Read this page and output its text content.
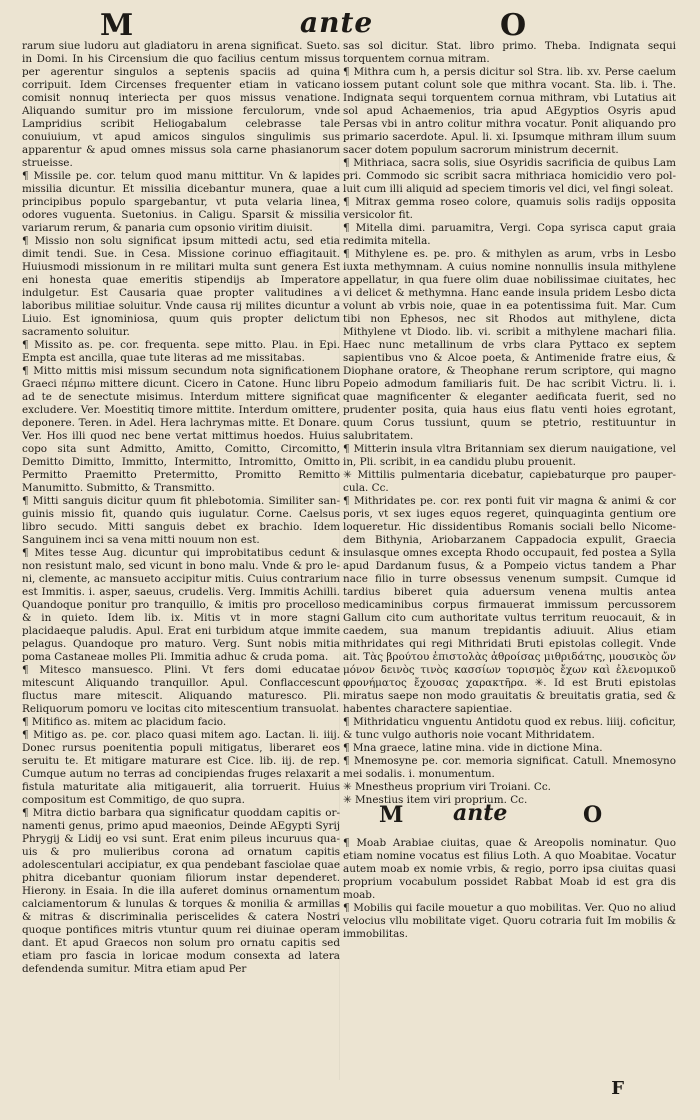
M	ante	O

rarum siue ludoru aut gladiatoru in arena significat. Sueto. in Domi. In his Circensium die quo facilius centum missus per agerentur singulos a septenis spaciis ad quina corripuit. Idem Circenses frequenter etiam in vaticano comisit nonnuq interiecta per quos missus venatione. Aliquando sumitur pro im missione ferculorum, vnde Lampridius scribit Heliogabalum celebrasse tale conuiuium, vt apud amicos singulos singulimis sus apparentur & apud omnes missus sola carne phasianorum strueisse.

¶ Missile pe. cor. telum quod manu mittitur. Vn & lapides missilia dicuntur. Et missilia dicebantur munera, quae a principibus populo spargebantur, vt puta velaria linea, odores vuguenta. Suetonius. in Caligu. Sparsit & missilia variarum rerum, & panaria cum opsonio viritim diuisit.

¶ Missio non solu significat ipsum mittedi actu, sed etia dimit tendi. Sue. in Cesa. Missione corinuo effiagitauit. Huiusmodi missionum in re militari multa sunt genera Est eni honesta quae emeritis stipendijs ab Imperatore indulgetur. Est Causaria quae propter valitudines a laboribus militiae soluitur. Vnde causa rij milites dicuntur a Liuio. Est ignominiosa, quum quis propter delictum sacramento soluitur.

¶ Missito as. pe. cor. frequenta. sepe mitto. Plau. in Epi. Empta est ancilla, quae tute literas ad me missitabas.

¶ Mitto mittis misi missum secundum nota significationem Graeci πέμπω mittere dicunt. Cicero in Catone. Hunc libru ad te de senectute misimus. Interdum mittere significat excludere. Ver. Moestitiq timore mittite. Interdum omittere, deponere. Teren. in Adel. Hera lachrymas mitte. Et Donare. Ver. Hos illi quod nec bene vertat mittimus hoedos. Huius copo sita sunt Admitto, Amitto, Comitto, Circomitto, Demitto Dimitto, Immitto, Intermitto, Intromitto, Omitto Permitto Praemitto Pretermitto, Promitto Remitto Manumitto. Submitto, & Transmitto.

¶ Mitti sanguis dicitur quum fit phlebotomia. Similiter sanguinis missio fit, quando quis iugulatur. Corne. Caelsus libro secudo. Mitti sanguis debet ex brachio. Idem Sanguinem inci sa vena mitti nouum non est.

¶ Mites tesse Aug. dicuntur qui improbitatibus cedunt & non resistunt malo, sed vicunt in bono malu. Vnde & pro leni, clemente, ac mansueto accipitur mitis. Cuius contrarium est Immitis. i. asper, saeuus, crudelis. Verg. Immitis Achilli. Quandoque ponitur pro tranquillo, & imitis pro procelloso & in quieto. Idem lib. ix. Mitis vt in more stagni placidaeque paludis. Apul. Erat eni turbidum atque immite pelagus. Quandoque pro maturo. Verg. Sunt nobis mitia poma Castaneae molles Pli. Immitia adhuc & cruda poma.

¶ Mitesco mansuesco. Plini. Vt fers domi educatae mitescunt Aliquando tranquillor. Apul. Conflaccescunt fluctus mare mitescit. Aliquando maturesco. Pli. Reliquorum pomoru ve locitas cito mitescentium transuolat.

¶ Mitifico as. mitem ac placidum facio.

¶ Mitigo as. pe. cor. placo quasi mitem ago. Lactan. li. iiij. Donec rursus poenitentia populi mitigatus, liberaret eos seruitu te. Et mitigare maturare est Cice. lib. iij. de rep. Cumque autum no terras ad concipiendas fruges relaxarit a fistula maturitate alia mitigauerit, alia torruerit. Huius compositum est Commitigo, de quo supra.

¶ Mitra dictio barbara qua significatur quoddam capitis ornamenti genus, primo apud maeonios, Deinde AEgypti Syrij Phrygij & Lidij eo vsi sunt. Erat enim pileus incuruus quauis & pro mulieribus corona ad ornatum capitis adolescentulari accipiatur, ex qua pendebant fasciolae quae phitra dicebantur quoniam filiorum instar dependeret. Hierony. in Esaia. In die illa auferet dominus ornamentum calciamentorum & lunulas & torques & monilia & armillas & mitras & discriminalia periscelides & catera Nostri quoque pontifices mitris vtuntur quum rei diuinae operam dant. Et apud Graecos non solum pro ornatu capitis sed etiam pro fascia in loricae modum consexta ad latera defendenda sumitur. Mitra etiam apud Per

sas sol dicitur. Stat. libro primo. Theba. Indignata sequi torquentem cornua mitram.

¶ Mithra cum h, a persis dicitur sol Stra. lib. xv. Perse caelum iossem putant colunt sole que mithra vocant. Sta. lib. i. The. Indignata sequi torquentem cornua mithram, vbi Lutatius ait sol apud Achaemenios, tria apud AEgyptios Osyris apud Persas vbi in antro colitur mithra vocatur. Ponit aliquando pro primario sacerdote. Apul. li. xi. Ipsumque mithram illum suum sacer dotem populum sacrorum ministrum decernit.

¶ Mithriaca, sacra solis, siue Osyridis sacrificia de quibus Lam pri. Commodo sic scribit sacra mithriaca homicidio vero polluit cum illi aliquid ad speciem timoris vel dici, vel fingi soleat.

¶ Mitrax gemma roseo colore, quamuis solis radijs opposita versicolor fit.

¶ Mitella dimi. paruamitra, Vergi. Copa syrisca caput graia redimita mitella.

¶ Mithylene es. pe. pro. & mithylen as arum, vrbs in Lesbo iuxta methymnam. A cuius nomine nonnullis insula mithylene appellatur, in qua fuere olim duae nobilissimae ciuitates, hec vi delicet & methymna. Hanc eande insula pridem Lesbo dicta volunt ab vrbis noie, quae in ea potentissima fuit. Mar. Cum tibi non Ephesos, nec sit Rhodos aut mithylene, dicta Mithylene vt Diodo. lib. vi. scribit a mithylene machari filia. Haec nunc metallinum de vrbs clara Pyttaco ex septem sapientibus vno & Alcoe poeta, & Antimenide fratre eius, & Diophane oratore, & Theophane rerum scriptore, qui magno Popeio admodum familiaris fuit. De hac scribit Victru. li. i. quae magnificenter & eleganter aedificata fuerit, sed no prudenter posita, quia haus eius flatu venti hoies egrotant, quum Corus tussiunt, quum se ptetrio, restituuntur in salubritatem.

¶ Mitterin insula vltra Britanniam sex dierum nauigatione, vel in, Pli. scribit, in ea candidu plubu prouenit.

✳ Mittilis pulmentaria dicebatur, capiebaturque pro paupercula. Cc.

¶ Mithridates pe. cor. rex ponti fuit vir magna & animi & cor poris, vt sex iuges equos regeret, quinquaginta gentium ore loqueretur. Hic dissidentibus Romanis sociali bello Nicomedem Bithynia, Ariobarzanem Cappadocia expulit, Graecia insulasque omnes excepta Rhodo occupauit, fed postea a Sylla apud Dardanum fusus, & a Pompeio victus tandem a Phar nace filio in turre obsessus venenum sumpsit. Cumque id tardius biberet quia aduersum venena multis antea medicaminibus corpus firmauerat immissum percussorem Gallum cito cum authoritate vultus territum reuocauit, & in caedem, sua manum trepidantis adiuuit. Alius etiam mithridates qui regi Mithridati Bruti epistolas collegit. Vnde ait. Τὰς βρούτου ἐπιστολὰς ἀθροίσας μιθριδάτης, μουσικὸς ὤν μόνον δεινὸς τινὸς κασσίων τορισμὸς ἔχων καὶ ἐλενομικοῦ φρονήματος ἔχουσας χαρακτῆρα. ✳. Id est Bruti epistolas miratus saepe non modo grauitatis & breuitatis gratia, sed & habentes charactere sapientiae.

¶ Mithridaticu vnguentu Antidotu quod ex rebus. liiij. coficitur, & tunc vulgo authoris noie vocant Mithridatem.

¶ Mna graece, latine mina. vide in dictione Mina.

¶ Mnemosyne pe. cor. memoria significat. Catull. Mnemosyno mei sodalis. i. monumentum.

✳ Mnestheus proprium viri Troiani. Cc.

✳ Mnestius item viri proprium. Cc.

M ante	O

¶ Moab Arabiae ciuitas, quae & Areopolis nominatur. Quo etiam nomine vocatus est filius Loth. A quo Moabitae. Vocatur autem moab ex nomie vrbis, & regio, porro ipsa ciuitas quasi proprium vocabulum possidet Rabbat Moab id est gra dis moab.

¶ Mobilis qui facile mouetur a quo mobilitas. Ver. Quo no aliud velocius vllu mobilitate viget. Quoru cotraria fuit Im mobilis & immobilitas.

F
